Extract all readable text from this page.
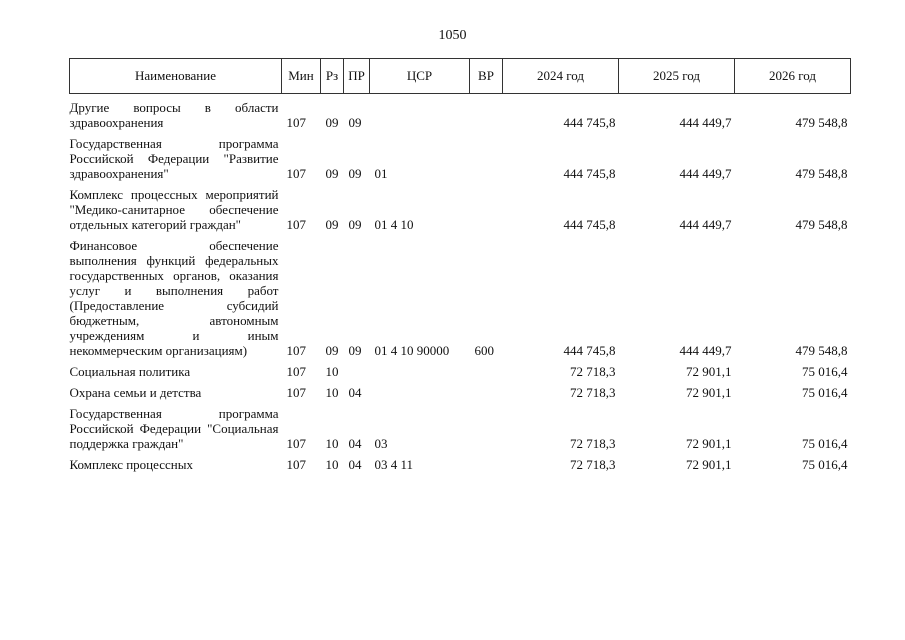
1050
Наименование	Мин	Рз	ПР	ЦСР	ВР	2024 год	2025 год	2026 год
Другие вопросы в области здравоохранения	107	09	09			444 745,8	444 449,7	479 548,8
Государственная программа Российской Федерации "Развитие здравоохранения"	107	09	09	01		444 745,8	444 449,7	479 548,8
Комплекс процессных мероприятий "Медико-санитарное обеспечение отдельных категорий граждан"	107	09	09	01 4 10		444 745,8	444 449,7	479 548,8
Финансовое обеспечение выполнения функций федеральных государственных органов, оказания услуг и выполнения работ (Предоставление субсидий бюджетным, автономным учреждениям и иным некоммерческим организациям)	107	09	09	01 4 10 90000	600	444 745,8	444 449,7	479 548,8
Социальная политика	107	10				72 718,3	72 901,1	75 016,4
Охрана семьи и детства	107	10	04			72 718,3	72 901,1	75 016,4
Государственная программа Российской Федерации "Социальная поддержка граждан"	107	10	04	03		72 718,3	72 901,1	75 016,4
Комплекс процессных	107	10	04	03 4 11		72 718,3	72 901,1	75 016,4
